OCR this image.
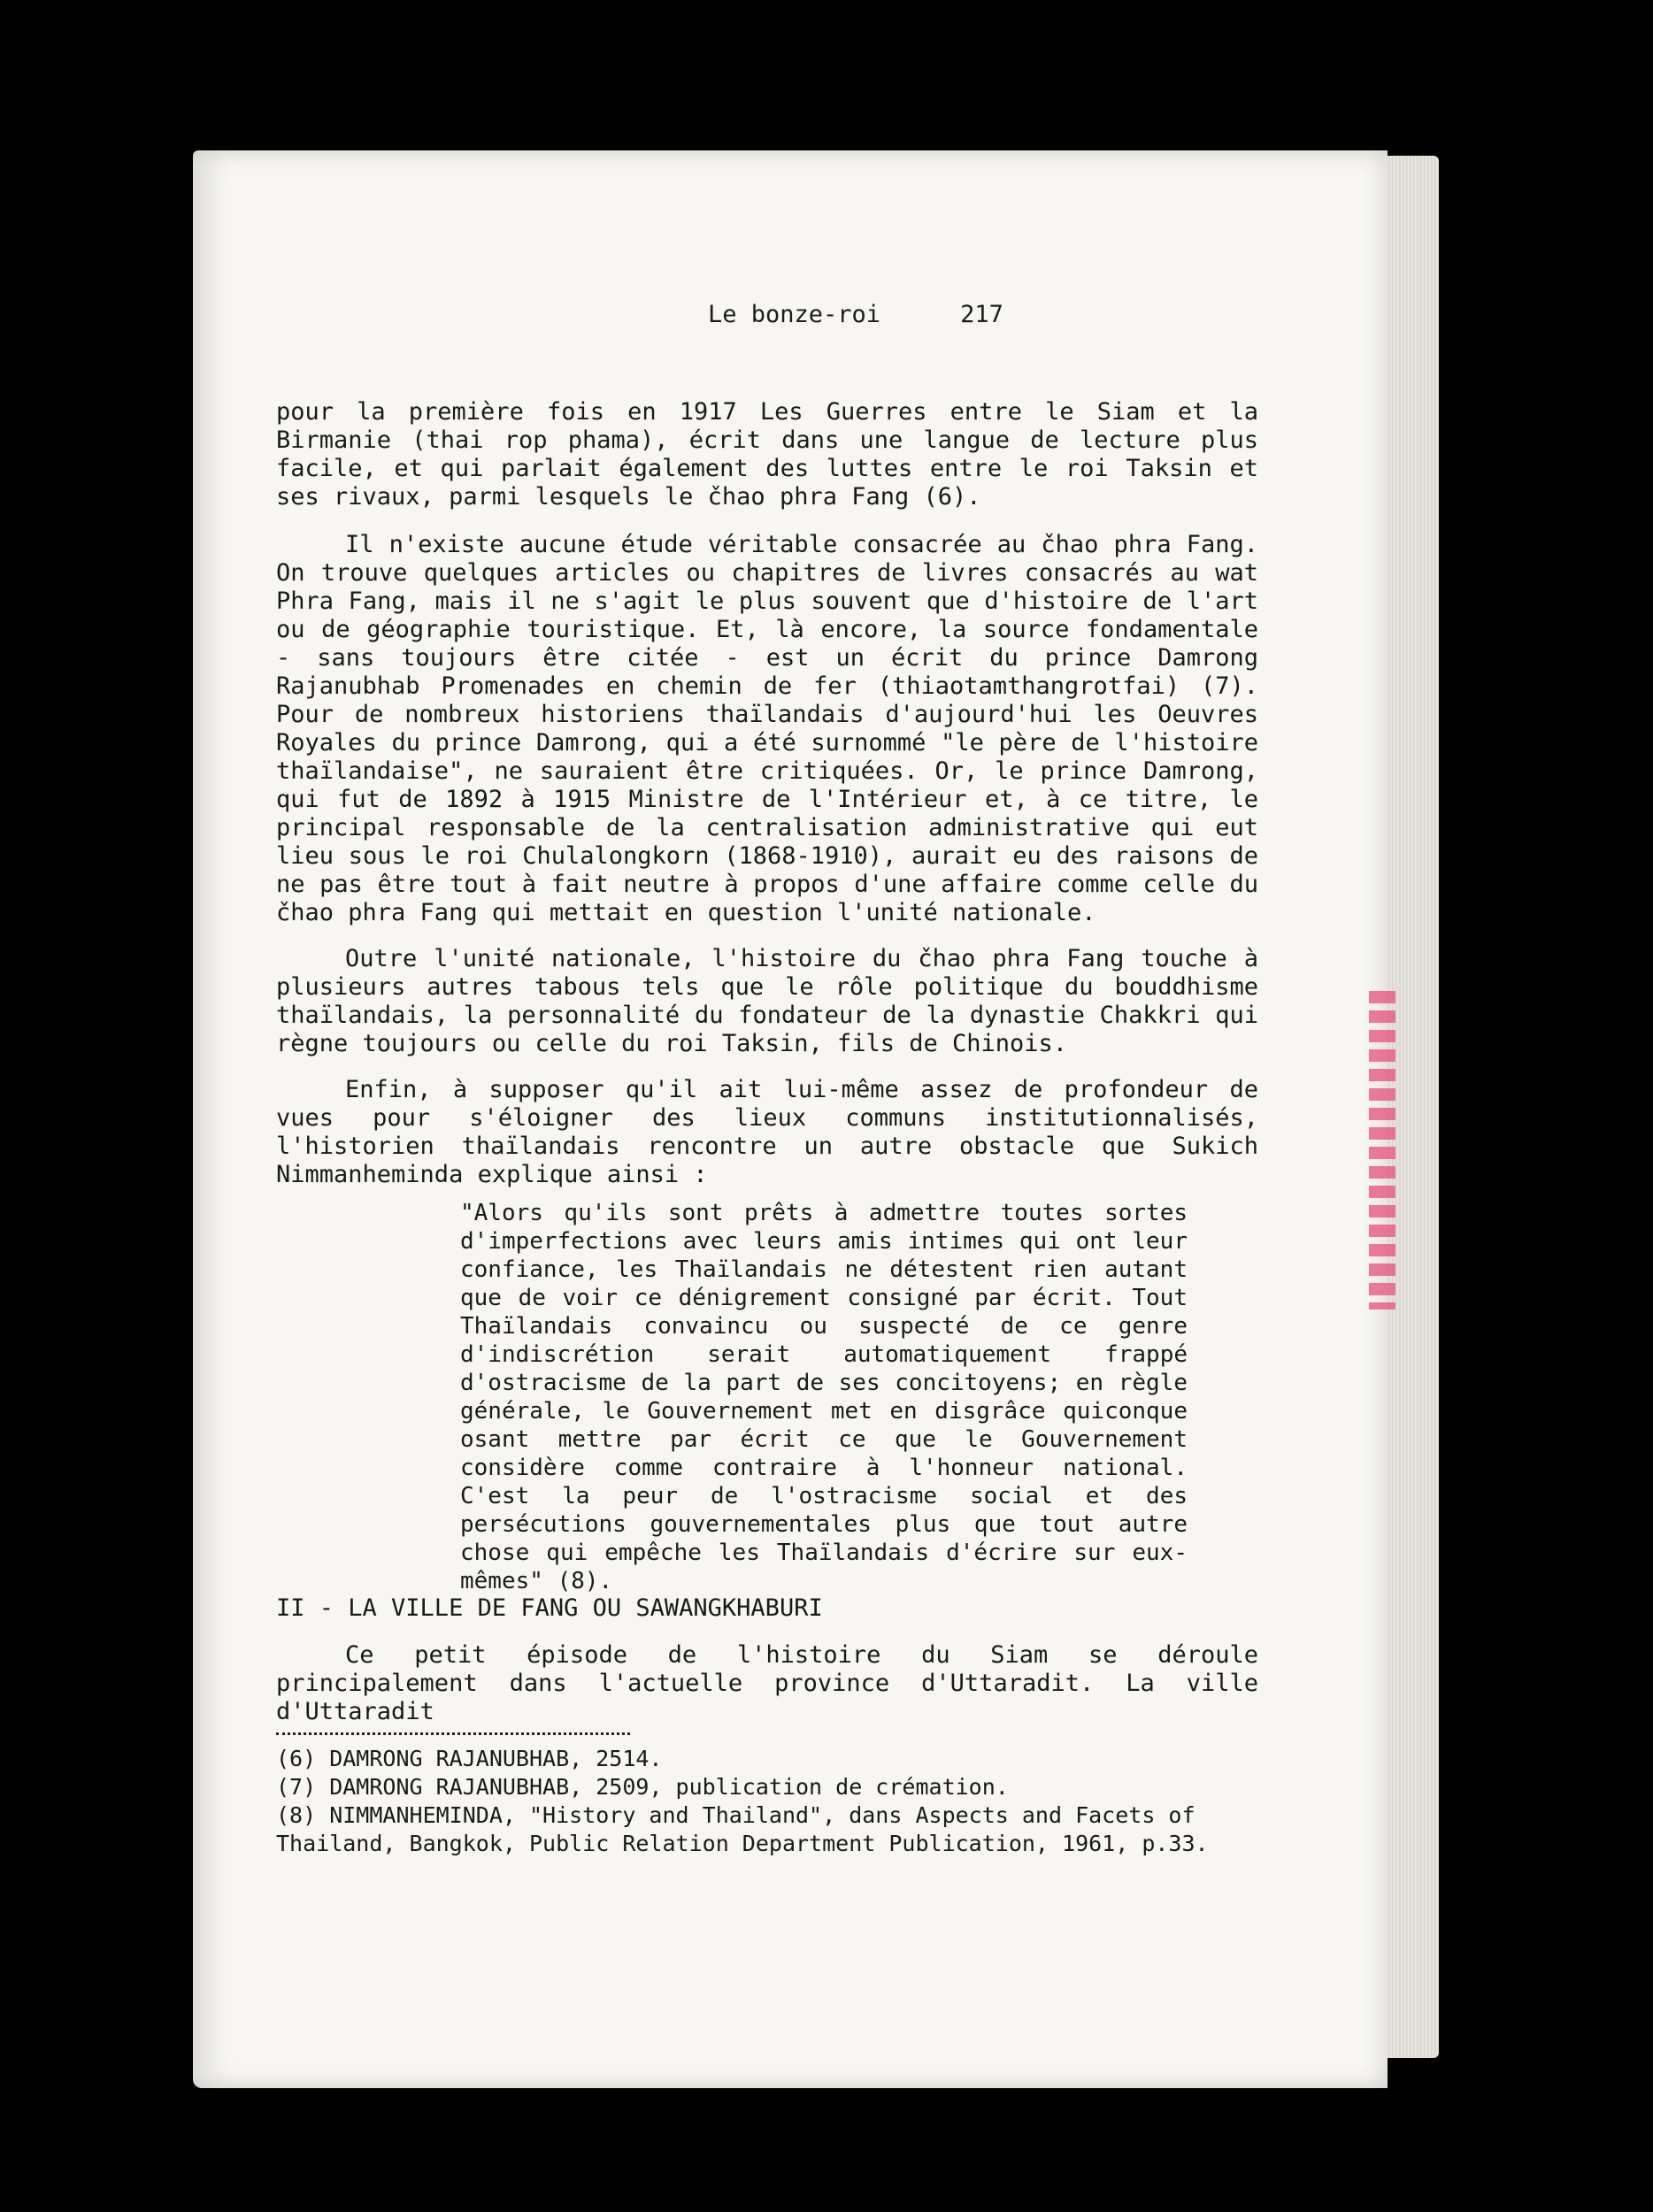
Le bonze-roi	217

pour la première fois en 1917 Les Guerres entre le Siam et la Birmanie (thai rop phama), écrit dans une langue de lecture plus facile, et qui parlait également des luttes entre le roi Taksin et ses rivaux, parmi lesquels le čhao phra Fang (6).

Il n'existe aucune étude véritable consacrée au čhao phra Fang. On trouve quelques articles ou chapitres de livres consacrés au wat Phra Fang, mais il ne s'agit le plus souvent que d'histoire de l'art ou de géographie touristique. Et, là encore, la source fondamentale - sans toujours être citée - est un écrit du prince Damrong Rajanubhab Promenades en chemin de fer (thiaotamthangrotfai) (7). Pour de nombreux historiens thaïlandais d'aujourd'hui les Oeuvres Royales du prince Damrong, qui a été surnommé "le père de l'histoire thaïlandaise", ne sauraient être critiquées. Or, le prince Damrong, qui fut de 1892 à 1915 Ministre de l'Intérieur et, à ce titre, le principal responsable de la centralisation administrative qui eut lieu sous le roi Chulalongkorn (1868-1910), aurait eu des raisons de ne pas être tout à fait neutre à propos d'une affaire comme celle du čhao phra Fang qui mettait en question l'unité nationale.

Outre l'unité nationale, l'histoire du čhao phra Fang touche à plusieurs autres tabous tels que le rôle politique du bouddhisme thaïlandais, la personnalité du fondateur de la dynastie Chakkri qui règne toujours ou celle du roi Taksin, fils de Chinois.

Enfin, à supposer qu'il ait lui-même assez de profondeur de vues pour s'éloigner des lieux communs institutionnalisés, l'historien thaïlandais rencontre un autre obstacle que Sukich Nimmanheminda explique ainsi :

"Alors qu'ils sont prêts à admettre toutes sortes d'imperfections avec leurs amis intimes qui ont leur confiance, les Thaïlandais ne détestent rien autant que de voir ce dénigrement consigné par écrit. Tout Thaïlandais convaincu ou suspecté de ce genre d'indiscrétion serait automatiquement frappé d'ostracisme de la part de ses concitoyens; en règle générale, le Gouvernement met en disgrâce quiconque osant mettre par écrit ce que le Gouvernement considère comme contraire à l'honneur national. C'est la peur de l'ostracisme social et des persécutions gouvernementales plus que tout autre chose qui empêche les Thaïlandais d'écrire sur eux-mêmes" (8).

II - LA VILLE DE FANG OU SAWANGKHABURI

Ce petit épisode de l'histoire du Siam se déroule principalement dans l'actuelle province d'Uttaradit. La ville d'Uttaradit

(6) DAMRONG RAJANUBHAB, 2514.

(7) DAMRONG RAJANUBHAB, 2509, publication de crémation.

(8) NIMMANHEMINDA, "History and Thailand", dans Aspects and Facets of Thailand, Bangkok, Public Relation Department Publication, 1961, p.33.
